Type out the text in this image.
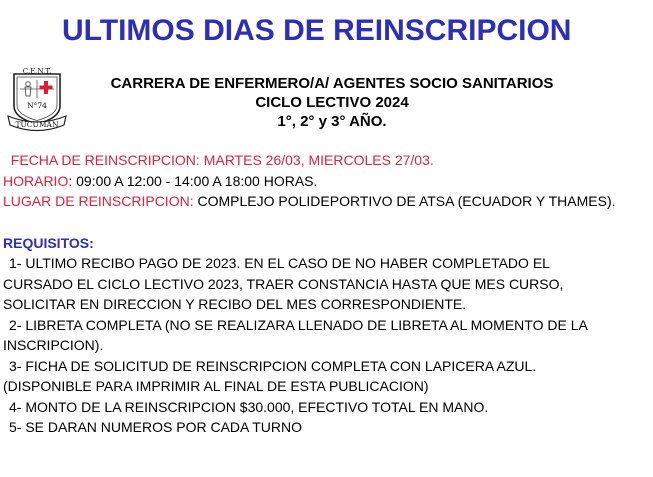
ULTIMOS DIAS DE REINSCRIPCION
C.E.N.T.
N°74
TUCUMAN
CARRERA DE ENFERMERO/A/ AGENTES SOCIO SANITARIOS
CICLO LECTIVO 2024
1°, 2° y 3° AÑO.
FECHA DE REINSCRIPCION: MARTES 26/03, MIERCOLES 27/03.
HORARIO: 09:00 A 12:00 - 14:00 A 18:00 HORAS.
LUGAR DE REINSCRIPCION: COMPLEJO POLIDEPORTIVO DE ATSA (ECUADOR Y THAMES).
REQUISITOS:
1- ULTIMO RECIBO PAGO DE 2023. EN EL CASO DE NO HABER COMPLETADO EL
CURSADO EL CICLO LECTIVO 2023, TRAER CONSTANCIA HASTA QUE MES CURSO,
SOLICITAR EN DIRECCION Y RECIBO DEL MES CORRESPONDIENTE.
2- LIBRETA COMPLETA (NO SE REALIZARA LLENADO DE LIBRETA AL MOMENTO DE LA
INSCRIPCION).
3- FICHA DE SOLICITUD DE REINSCRIPCION COMPLETA CON LAPICERA AZUL.
(DISPONIBLE PARA IMPRIMIR AL FINAL DE ESTA PUBLICACION)
4- MONTO DE LA REINSCRIPCION $30.000, EFECTIVO TOTAL EN MANO.
5- SE DARAN NUMEROS POR CADA TURNO
